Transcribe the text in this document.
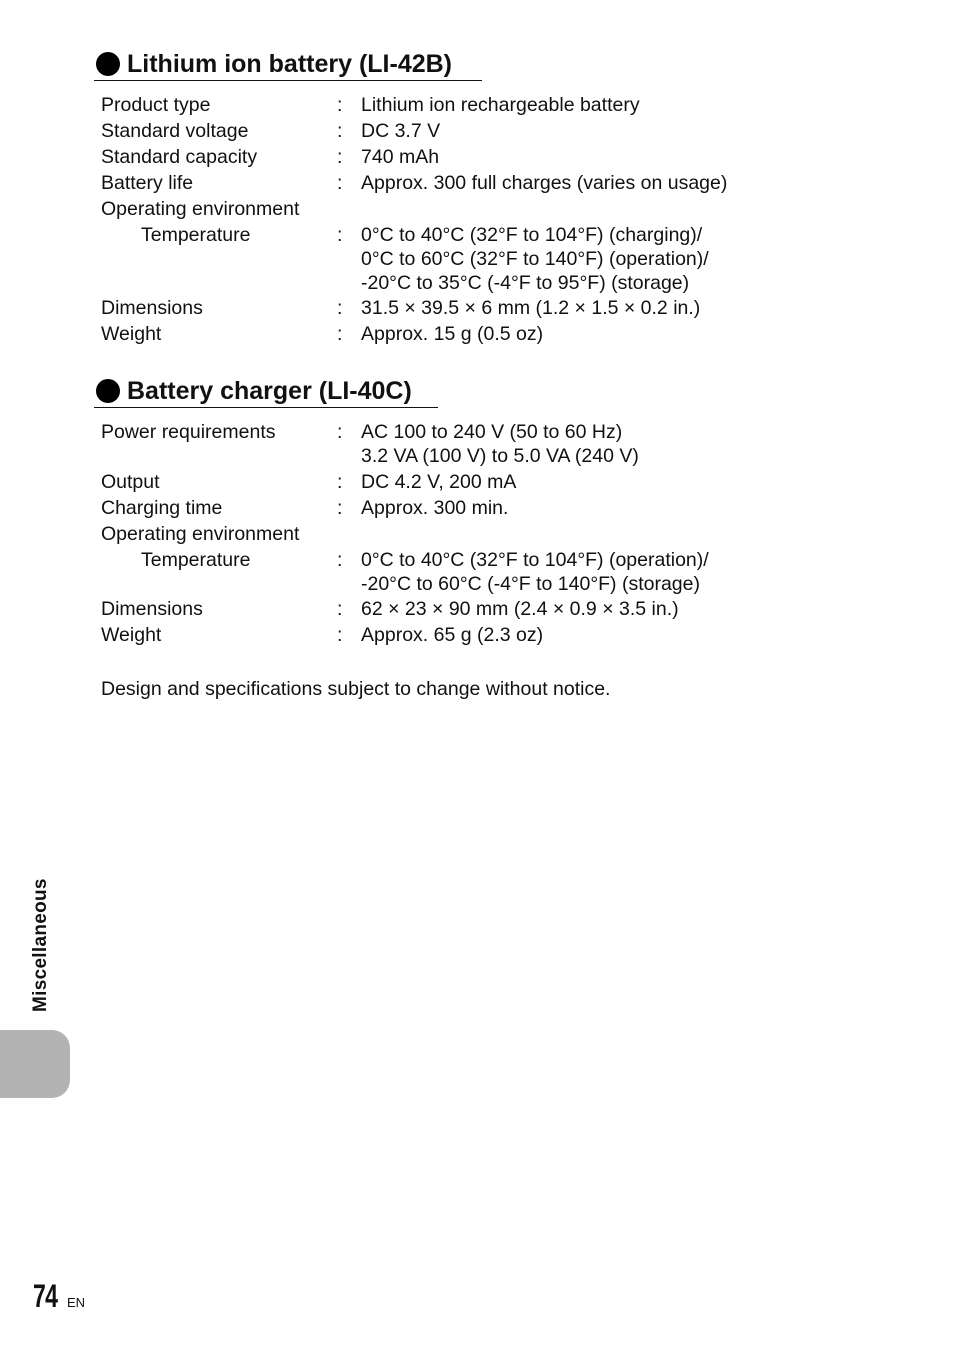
Lithium ion battery (LI-42B)
Product type	: Lithium ion rechargeable battery
Standard voltage	: DC 3.7 V
Standard capacity	: 740 mAh
Battery life	: Approx. 300 full charges (varies on usage)
Operating environment
Temperature	: 0°C to 40°C (32°F to 104°F) (charging)/
0°C to 60°C (32°F to 140°F) (operation)/
-20°C to 35°C (-4°F to 95°F) (storage)
Dimensions	: 31.5 × 39.5 × 6 mm (1.2 × 1.5 × 0.2 in.)
Weight	: Approx. 15 g (0.5 oz)
Battery charger (LI-40C)
Power requirements	: AC 100 to 240 V (50 to 60 Hz)
3.2 VA (100 V) to 5.0 VA (240 V)
Output	: DC 4.2 V, 200 mA
Charging time	: Approx. 300 min.
Operating environment
Temperature	: 0°C to 40°C (32°F to 104°F) (operation)/
-20°C to 60°C (-4°F to 140°F) (storage)
Dimensions	: 62 × 23 × 90 mm (2.4 × 0.9 × 3.5 in.)
Weight	: Approx. 65 g (2.3 oz)
Design and specifications subject to change without notice.
Miscellaneous
74 EN
